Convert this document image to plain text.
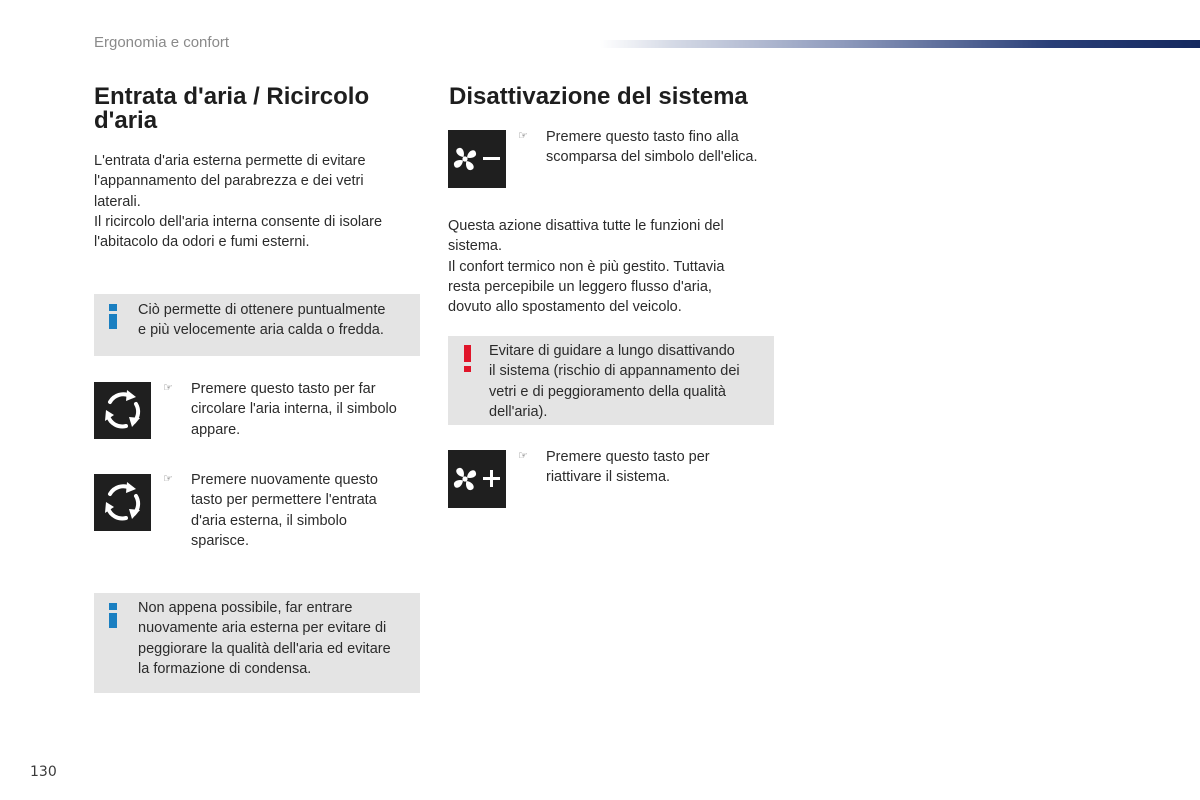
Ergonomia e confort
Entrata d'aria / Ricircolo d'aria
L'entrata d'aria esterna permette di evitare
l'appannamento del parabrezza e dei vetri
laterali.
Il ricircolo dell'aria interna consente di isolare
l'abitacolo da odori e fumi esterni.
Ciò permette di ottenere puntualmente
e più velocemente aria calda o fredda.
☞ Premere questo tasto per far
circolare l'aria interna, il simbolo
appare.
☞ Premere nuovamente questo
tasto per permettere l'entrata
d'aria esterna, il simbolo
sparisce.
Non appena possibile, far entrare
nuovamente aria esterna per evitare di
peggiorare la qualità dell'aria ed evitare
la formazione di condensa.
Disattivazione del sistema
☞ Premere questo tasto fino alla
scomparsa del simbolo dell'elica.
Questa azione disattiva tutte le funzioni del
sistema.
Il confort termico non è più gestito. Tuttavia
resta percepibile un leggero flusso d'aria,
dovuto allo spostamento del veicolo.
Evitare di guidare a lungo disattivando
il sistema (rischio di appannamento dei
vetri e di peggioramento della qualità
dell'aria).
☞ Premere questo tasto per
riattivare il sistema.
130
